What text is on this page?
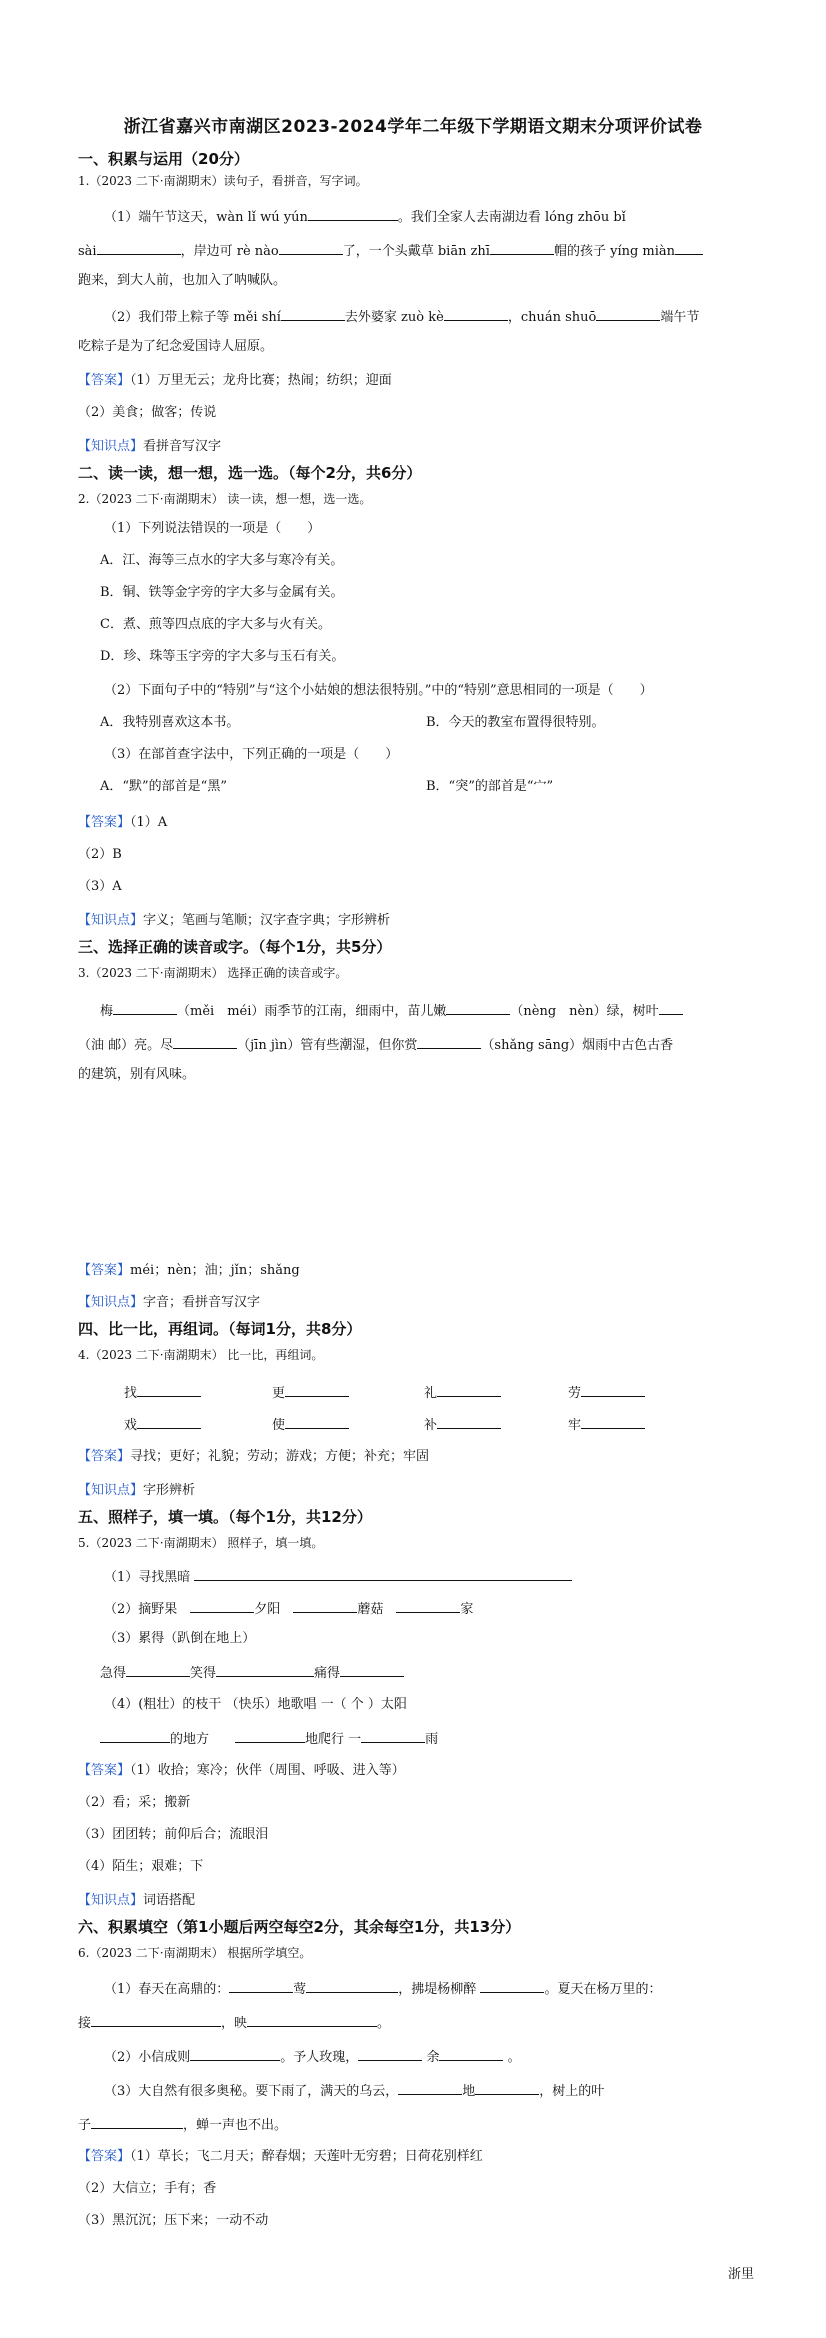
浙江省嘉兴市南湖区2023-2024学年二年级下学期语文期末分项评价试卷
一、积累与运用（20分）
1.（2023 二下·南湖期末）读句子，看拼音，写字词。
（1）端午节这天，wàn lǐ wú yún	。我们全家人去南湖边看 lóng zhōu bǐ
sài	，岸边可 rè nào	了，一个头戴草 biān zhī	帽的孩子 yíng miàn
跑来，到大人前，也加入了呐喊队。
（2）我们带上粽子等 měi shí	去外婆家 zuò kè	，chuán shuō	端午节
吃粽子是为了纪念爱国诗人屈原。
【答案】（1）万里无云；龙舟比赛；热闹；纺织；迎面
（2）美食；做客；传说
【知识点】看拼音写汉字
二、读一读，想一想，选一选。（每个2分，共6分）
2.（2023 二下·南湖期末） 读一读，想一想，选一选。
（1）下列说法错误的一项是（　　）
A．江、海等三点水的字大多与寒冷有关。
B．铜、铁等金字旁的字大多与金属有关。
C．煮、煎等四点底的字大多与火有关。
D．珍、珠等玉字旁的字大多与玉石有关。
（2）下面句子中的“特别”与“这个小姑娘的想法很特别。”中的“特别”意思相同的一项是（　　）
A．我特别喜欢这本书。	B．今天的教室布置得很特别。
（3）在部首查字法中，下列正确的一项是（　　）
A．“默”的部首是“黑”	B．“突”的部首是“宀”
【答案】（1）A
（2）B
（3）A
【知识点】字义；笔画与笔顺；汉字查字典；字形辨析
三、选择正确的读音或字。（每个1分，共5分）
3.（2023 二下·南湖期末） 选择正确的读音或字。
梅	（měi　méi）雨季节的江南，细雨中，苗儿嫩	（nèng　nèn）绿，树叶
（油 邮）亮。尽	（jīn jìn）管有些潮湿，但你赏	（shǎng sāng）烟雨中古色古香
的建筑，别有风味。
【答案】méi；nèn；油；jǐn；shǎng
【知识点】字音；看拼音写汉字
四、比一比，再组词。（每词1分，共8分）
4.（2023 二下·南湖期末） 比一比，再组词。
找	更	礼	劳
戏	使	补	牢
【答案】寻找；更好；礼貌；劳动；游戏；方便；补充；牢固
【知识点】字形辨析
五、照样子，填一填。（每个1分，共12分）
5.（2023 二下·南湖期末） 照样子，填一填。
（1）寻找黑暗
（2）摘野果　	夕阳　	蘑菇　	家
（3）累得（趴倒在地上）
急得	笑得	痛得
（4）(粗壮）的枝干 （快乐）地歌唱 一（ 个 ）太阳
的地方　　	地爬行 一	雨
【答案】（1）收拾；寒冷；伙伴（周围、呼吸、进入等）
（2）看；采；搬新
（3）团团转；前仰后合；流眼泪
（4）陌生；艰难；下
【知识点】词语搭配
六、积累填空（第1小题后两空每空2分，其余每空1分，共13分）
6.（2023 二下·南湖期末） 根据所学填空。
（1）春天在高鼎的：	莺	，拂堤杨柳醉	。夏天在杨万里的：
接	，映	。
（2）小信成则	。予人玫瑰，	余	。
（3）大自然有很多奥秘。要下雨了，满天的乌云，	地	，树上的叶
子	，蝉一声也不出。
【答案】（1）草长；飞二月天；醉春烟；天莲叶无穷碧；日荷花别样红
（2）大信立；手有；香
（3）黑沉沉；压下来；一动不动
浙里
